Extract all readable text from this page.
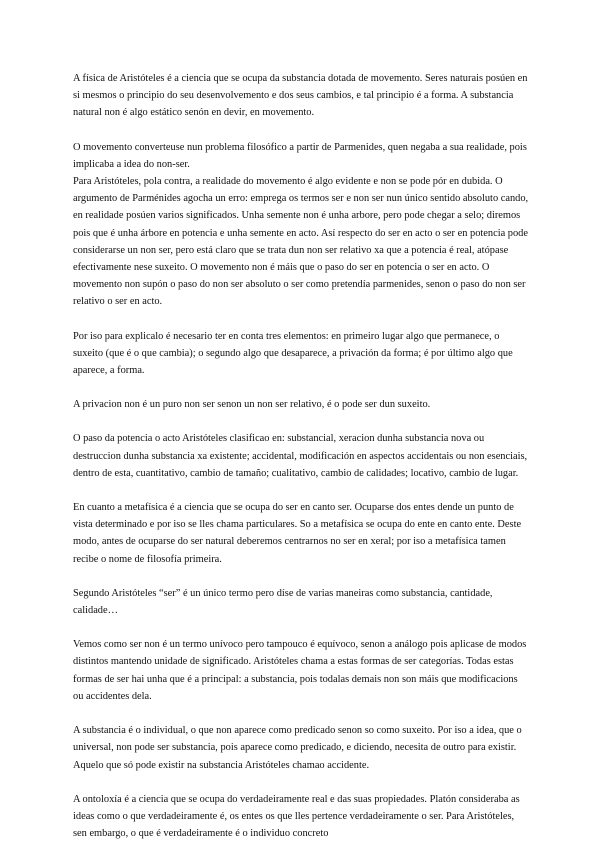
A física de Aristóteles é a ciencia que se ocupa da substancia dotada de movemento. Seres naturais posúen en si mesmos o principio do seu desenvolvemento e dos seus cambios, e tal principio é a forma. A substancia natural non é algo estático senón en devir, en movemento.

O movemento converteuse nun problema filosófico a partir de Parmenides, quen negaba a sua realidade, pois implicaba a idea do non-ser.

Para Aristóteles, pola contra, a realidade do movemento é algo evidente e non se pode pór en dubida. O argumento de Parménides agocha un erro: emprega os termos ser e non ser nun único sentido absoluto cando, en realidade posúen varios significados. Unha semente non é unha arbore, pero pode chegar a selo; diremos pois que é unha árbore en potencia e unha semente en acto. Así respecto do ser en acto o ser en potencia pode considerarse un non ser, pero está claro que se trata dun non ser relativo xa que a potencia é real, atópase efectivamente nese suxeito. O movemento non é máis que o paso do ser en potencia o ser en acto. O movemento non supón o paso do non ser absoluto o ser como pretendía parmenides, senon o paso do non ser relativo o ser en acto.

Por iso para explicalo é necesario ter en conta tres elementos: en primeiro lugar algo que permanece, o suxeito (que é o que cambia); o segundo algo que desaparece, a privación da forma; é por último algo que aparece, a forma.

A privacion non é un puro non ser senon un non ser relativo, é o pode ser dun suxeito.

O paso da potencia o acto Aristóteles clasificao en: substancial, xeracion dunha substancia nova ou destruccion dunha substancia xa existente; accidental, modificación en aspectos accidentais ou non esenciais, dentro de esta, cuantitativo, cambio de tamaño; cualitativo, cambio de calidades; locativo, cambio de lugar.

En cuanto a metafísica é a ciencia que se ocupa do ser en canto ser. Ocuparse dos entes dende un punto de vista determinado e por iso se lles chama particulares. So a metafísica se ocupa do ente en canto ente. Deste modo, antes de ocuparse do ser natural deberemos centrarnos no ser en xeral; por iso a metafísica tamen recibe o nome de filosofía primeira.

Segundo Aristóteles “ser” é un único termo pero díse de varias maneiras como substancia, cantidade, calidade…

Vemos como ser non é un termo unívoco pero tampouco é equívoco, senon a análogo pois aplicase de modos distintos mantendo unidade de significado. Aristóteles chama a estas formas de ser categorías. Todas estas formas de ser hai unha que é a principal: a substancia, pois todalas demais non son máis que modificacions ou accidentes dela.

A substancia é o individual, o que non aparece como predicado senon so como suxeito. Por iso a idea, que o universal, non pode ser substancia, pois aparece como predicado, e diciendo, necesita de outro para existir. Aquelo que só pode existir na substancia Aristóteles chamao accidente.

A ontoloxía é a ciencia que se ocupa do verdadeiramente real e das suas propiedades. Platón consideraba as ideas como o que verdadeiramente é, os entes os que lles pertence verdadeiramente o ser. Para Aristóteles, sen embargo, o que é verdadeiramente é o individuo concreto
